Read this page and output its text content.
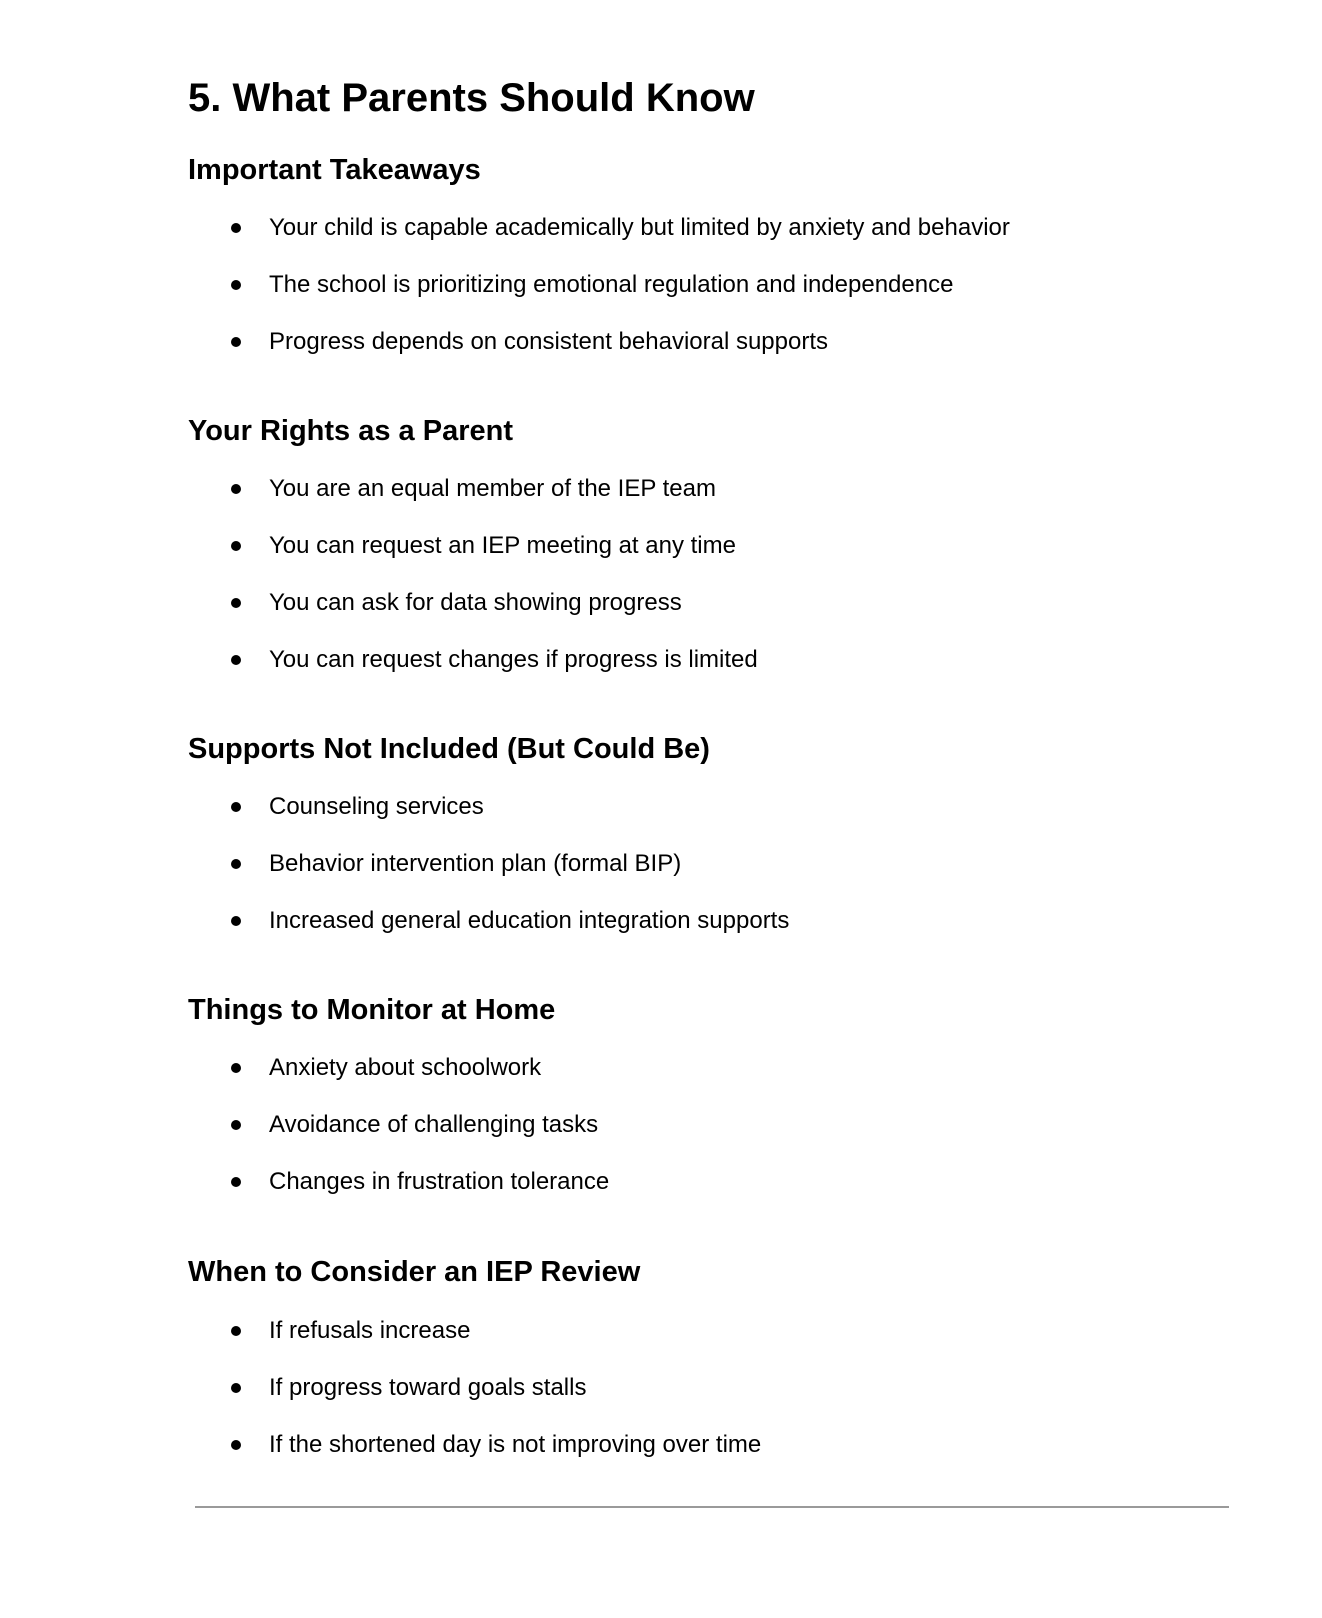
5. What Parents Should Know
Important Takeaways
Your child is capable academically but limited by anxiety and behavior
The school is prioritizing emotional regulation and independence
Progress depends on consistent behavioral supports
Your Rights as a Parent
You are an equal member of the IEP team
You can request an IEP meeting at any time
You can ask for data showing progress
You can request changes if progress is limited
Supports Not Included (But Could Be)
Counseling services
Behavior intervention plan (formal BIP)
Increased general education integration supports
Things to Monitor at Home
Anxiety about schoolwork
Avoidance of challenging tasks
Changes in frustration tolerance
When to Consider an IEP Review
If refusals increase
If progress toward goals stalls
If the shortened day is not improving over time
